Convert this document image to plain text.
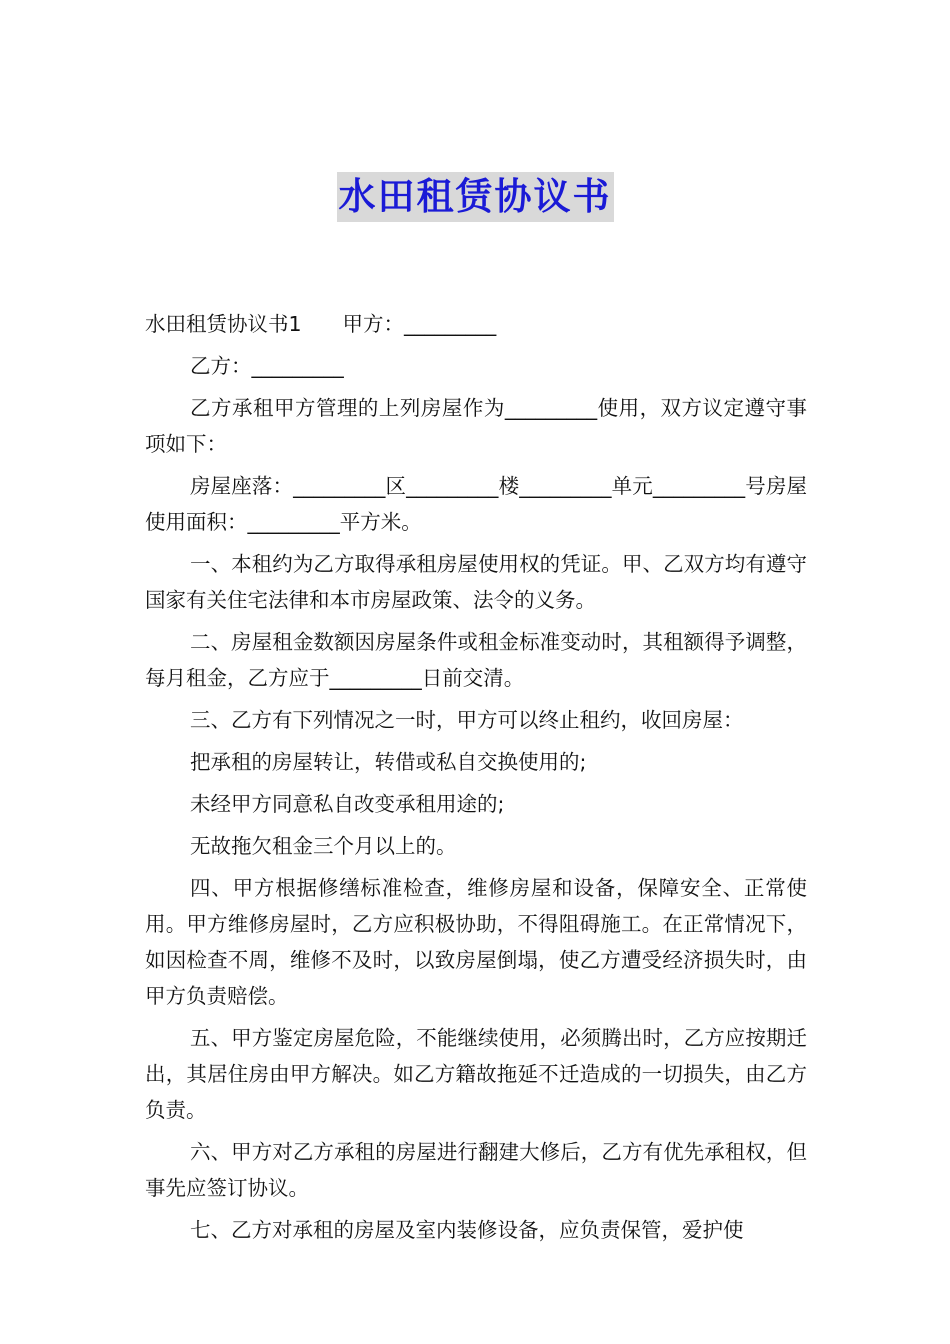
水田租赁协议书

水田租赁协议书1　　甲方：_________

乙方：_________

乙方承租甲方管理的上列房屋作为_________使用，双方议定遵守事项如下：

房屋座落：_________区_________楼_________单元_________号房屋使用面积：_________平方米。

一、本租约为乙方取得承租房屋使用权的凭证。甲、乙双方均有遵守国家有关住宅法律和本市房屋政策、法令的义务。

二、房屋租金数额因房屋条件或租金标准变动时，其租额得予调整，每月租金，乙方应于_________日前交清。

三、乙方有下列情况之一时，甲方可以终止租约，收回房屋：

把承租的房屋转让，转借或私自交换使用的;

未经甲方同意私自改变承租用途的;

无故拖欠租金三个月以上的。

四、甲方根据修缮标准检查，维修房屋和设备，保障安全、正常使用。甲方维修房屋时，乙方应积极协助，不得阻碍施工。在正常情况下，如因检查不周，维修不及时，以致房屋倒塌，使乙方遭受经济损失时，由甲方负责赔偿。

五、甲方鉴定房屋危险，不能继续使用，必须腾出时，乙方应按期迁出，其居住房由甲方解决。如乙方籍故拖延不迁造成的一切损失，由乙方负责。

六、甲方对乙方承租的房屋进行翻建大修后，乙方有优先承租权，但事先应签订协议。

七、乙方对承租的房屋及室内装修设备，应负责保管，爱护使
